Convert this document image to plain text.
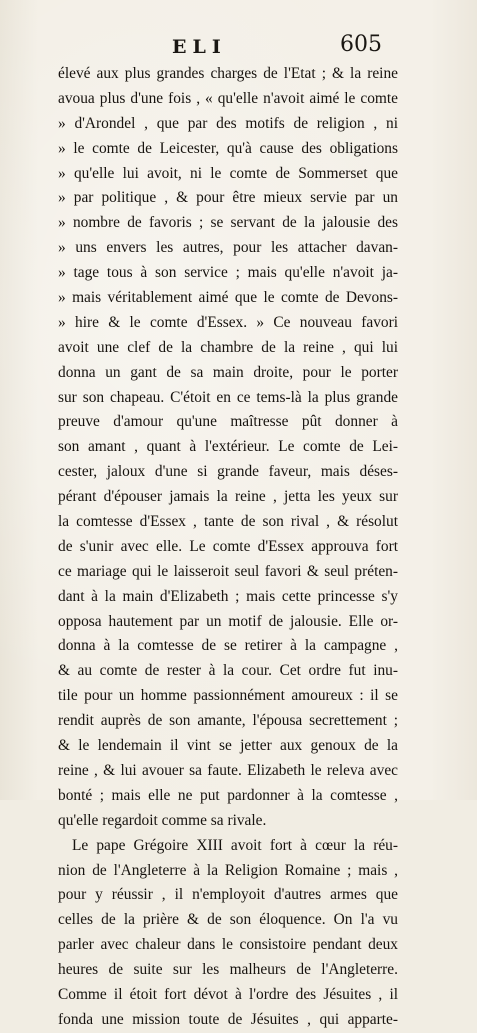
ELI	605
élevé aux plus grandes charges de l'Etat ; & la reine
avoua plus d'une fois , « qu'elle n'avoit aimé le comte
» d'Arondel , que par des motifs de religion , ni
» le comte de Leicester, qu'à cause des obligations
» qu'elle lui avoit, ni le comte de Sommerset que
» par politique , & pour être mieux servie par un
» nombre de favoris ; se servant de la jalousie des
» uns envers les autres, pour les attacher davan-
» tage tous à son service ; mais qu'elle n'avoit ja-
» mais véritablement aimé que le comte de Devons-
» hire & le comte d'Essex. » Ce nouveau favori
avoit une clef de la chambre de la reine , qui lui
donna un gant de sa main droite, pour le porter
sur son chapeau. C'étoit en ce tems-là la plus grande
preuve d'amour qu'une maîtresse pût donner à
son amant , quant à l'extérieur. Le comte de Lei-
cester, jaloux d'une si grande faveur, mais déses-
pérant d'épouser jamais la reine , jetta les yeux sur
la comtesse d'Essex , tante de son rival , & résolut
de s'unir avec elle. Le comte d'Essex approuva fort
ce mariage qui le laisseroit seul favori & seul préten-
dant à la main d'Elizabeth ; mais cette princesse s'y
opposa hautement par un motif de jalousie. Elle or-
donna à la comtesse de se retirer à la campagne ,
& au comte de rester à la cour. Cet ordre fut inu-
tile pour un homme passionnément amoureux : il se
rendit auprès de son amante, l'épousa secrettement ;
& le lendemain il vint se jetter aux genoux de la
reine , & lui avouer sa faute. Elizabeth le releva avec
bonté ; mais elle ne put pardonner à la comtesse ,
qu'elle regardoit comme sa rivale.
Le pape Grégoire XIII avoit fort à cœur la réu-
nion de l'Angleterre à la Religion Romaine ; mais ,
pour y réussir , il n'employoit d'autres armes que
celles de la prière & de son éloquence. On l'a vu
parler avec chaleur dans le consistoire pendant deux
heures de suite sur les malheurs de l'Angleterre.
Comme il étoit fort dévot à l'ordre des Jésuites , il
fonda une mission toute de Jésuites , qui apparte-
